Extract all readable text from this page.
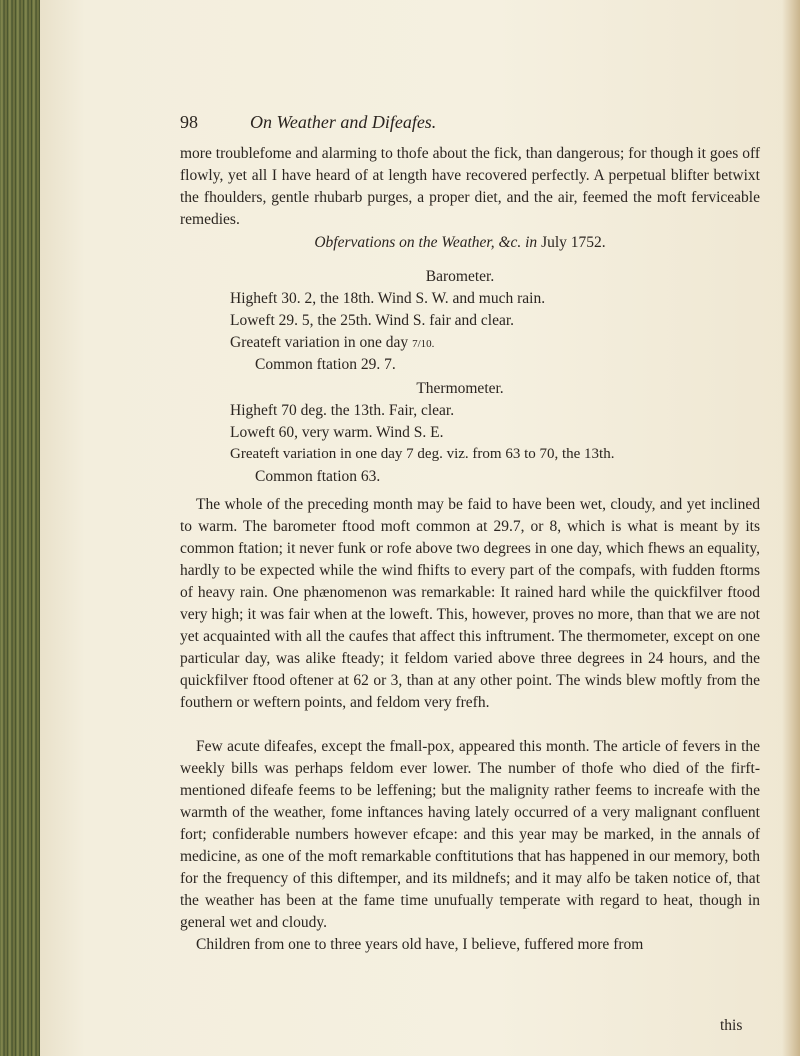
98	On Weather and Difeafes.
more troublefome and alarming to thofe about the fick, than dangerous; for though it goes off flowly, yet all I have heard of at length have recovered perfectly. A perpetual blifter betwixt the fhoulders, gentle rhubarb purges, a proper diet, and the air, feemed the moft ferviceable remedies.
Obfervations on the Weather, &c. in July 1752.
Barometer.
Higheft 30. 2, the 18th. Wind S. W. and much rain.
Loweft 29. 5, the 25th. Wind S. fair and clear.
Greateft variation in one day 7/10.
Common ftation 29. 7.
Thermometer.
Higheft 70 deg. the 13th. Fair, clear.
Loweft 60, very warm. Wind S. E.
Greateft variation in one day 7 deg. viz. from 63 to 70, the 13th.
Common ftation 63.

The whole of the preceding month may be faid to have been wet, cloudy, and yet inclined to warm. The barometer ftood moft common at 29.7, or 8, which is what is meant by its common ftation; it never funk or rofe above two degrees in one day, which fhews an equality, hardly to be expected while the wind fhifts to every part of the compafs, with fudden ftorms of heavy rain. One phænomenon was remarkable: It rained hard while the quickfilver ftood very high; it was fair when at the loweft. This, however, proves no more, than that we are not yet acquainted with all the caufes that affect this inftrument. The thermometer, except on one particular day, was alike fteady; it feldom varied above three degrees in 24 hours, and the quickfilver ftood oftener at 62 or 3, than at any other point. The winds blew moftly from the fouthern or weftern points, and feldom very frefh.

Few acute difeafes, except the fmall-pox, appeared this month. The article of fevers in the weekly bills was perhaps feldom ever lower. The number of thofe who died of the firft-mentioned difeafe feems to be leffening; but the malignity rather feems to increafe with the warmth of the weather, fome inftances having lately occurred of a very malignant confluent fort; confiderable numbers however efcape: and this year may be marked, in the annals of medicine, as one of the moft remarkable conftitutions that has happened in our memory, both for the frequency of this diftemper, and its mildnefs; and it may alfo be taken notice of, that the weather has been at the fame time unufually temperate with regard to heat, though in general wet and cloudy.

Children from one to three years old have, I believe, fuffered more from

this
